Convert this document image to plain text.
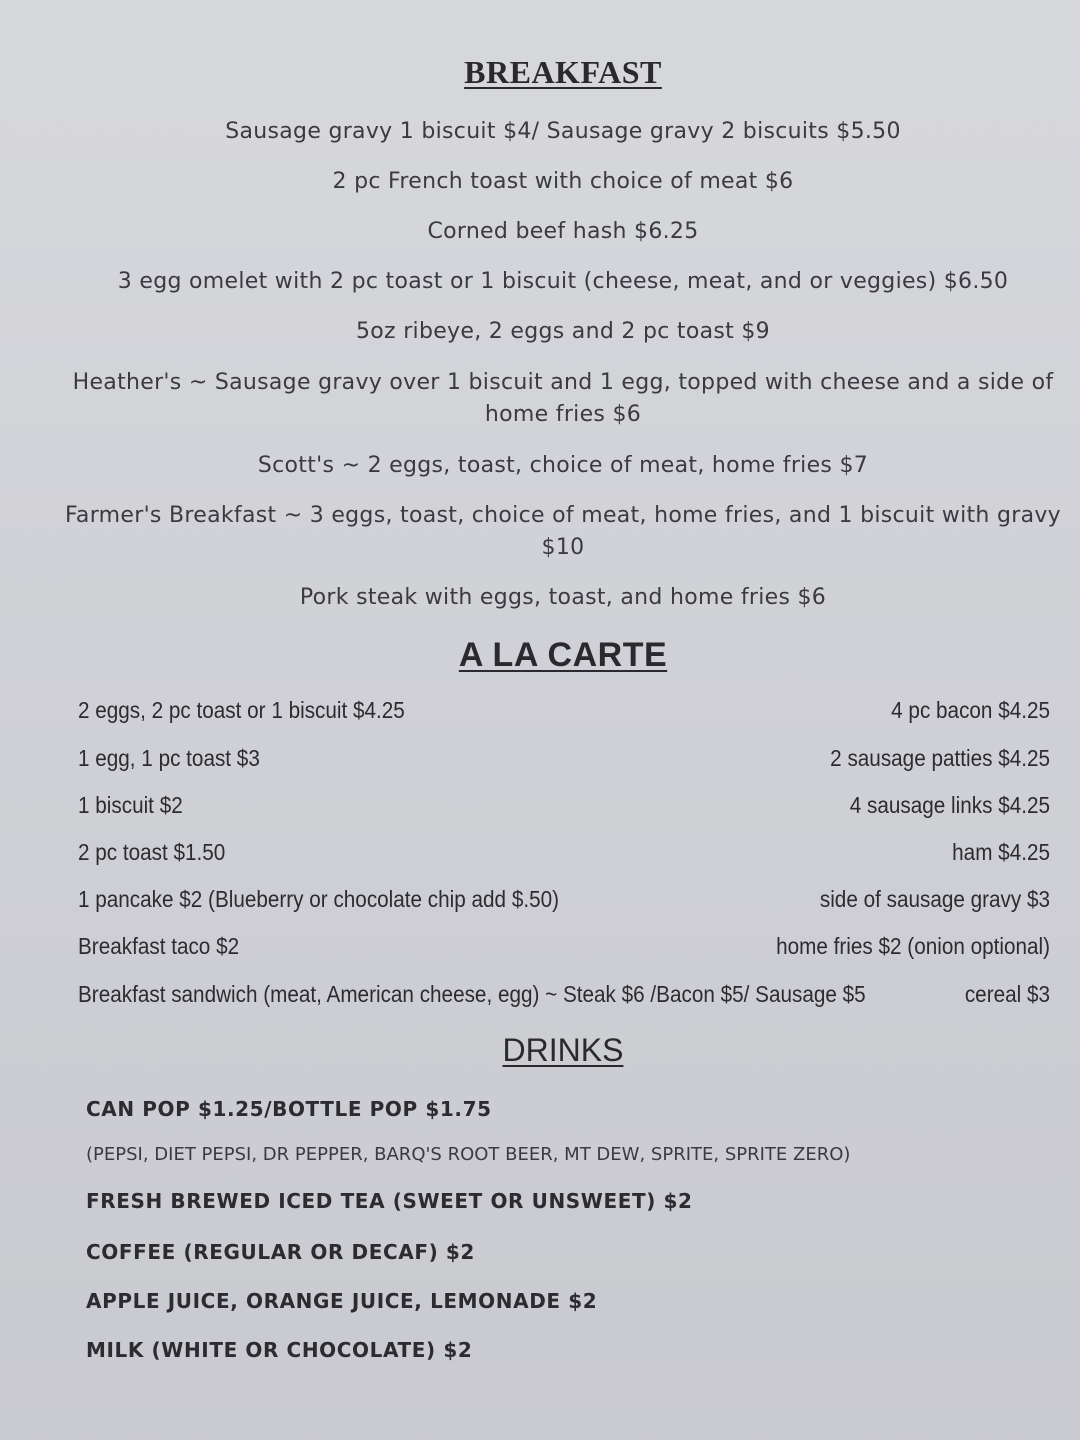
BREAKFAST
Sausage gravy 1 biscuit $4/ Sausage gravy 2 biscuits $5.50
2 pc French toast with choice of meat $6
Corned beef hash $6.25
3 egg omelet with 2 pc toast or 1 biscuit (cheese, meat, and or veggies) $6.50
5oz ribeye, 2 eggs and 2 pc toast $9
Heather's ~ Sausage gravy over 1 biscuit and 1 egg, topped with cheese and a side of home fries $6
Scott's ~ 2 eggs, toast, choice of meat, home fries $7
Farmer's Breakfast ~ 3 eggs, toast, choice of meat, home fries, and 1 biscuit with gravy $10
Pork steak with eggs, toast, and home fries $6
A LA CARTE
2 eggs, 2 pc toast or 1 biscuit $4.25	4 pc bacon $4.25
1 egg, 1 pc toast $3	2 sausage patties $4.25
1 biscuit $2	4 sausage links $4.25
2 pc toast $1.50	ham $4.25
1 pancake $2 (Blueberry or chocolate chip add $.50)	side of sausage gravy $3
Breakfast taco $2	home fries $2 (onion optional)
Breakfast sandwich (meat, American cheese, egg) ~ Steak $6 /Bacon $5/ Sausage $5	cereal $3
DRINKS
CAN POP $1.25/BOTTLE POP $1.75
(PEPSI, DIET PEPSI, DR PEPPER, BARQ'S ROOT BEER, MT DEW, SPRITE, SPRITE ZERO)
FRESH BREWED ICED TEA (SWEET OR UNSWEET) $2
COFFEE (REGULAR OR DECAF) $2
APPLE JUICE, ORANGE JUICE, LEMONADE $2
MILK (WHITE OR CHOCOLATE) $2
